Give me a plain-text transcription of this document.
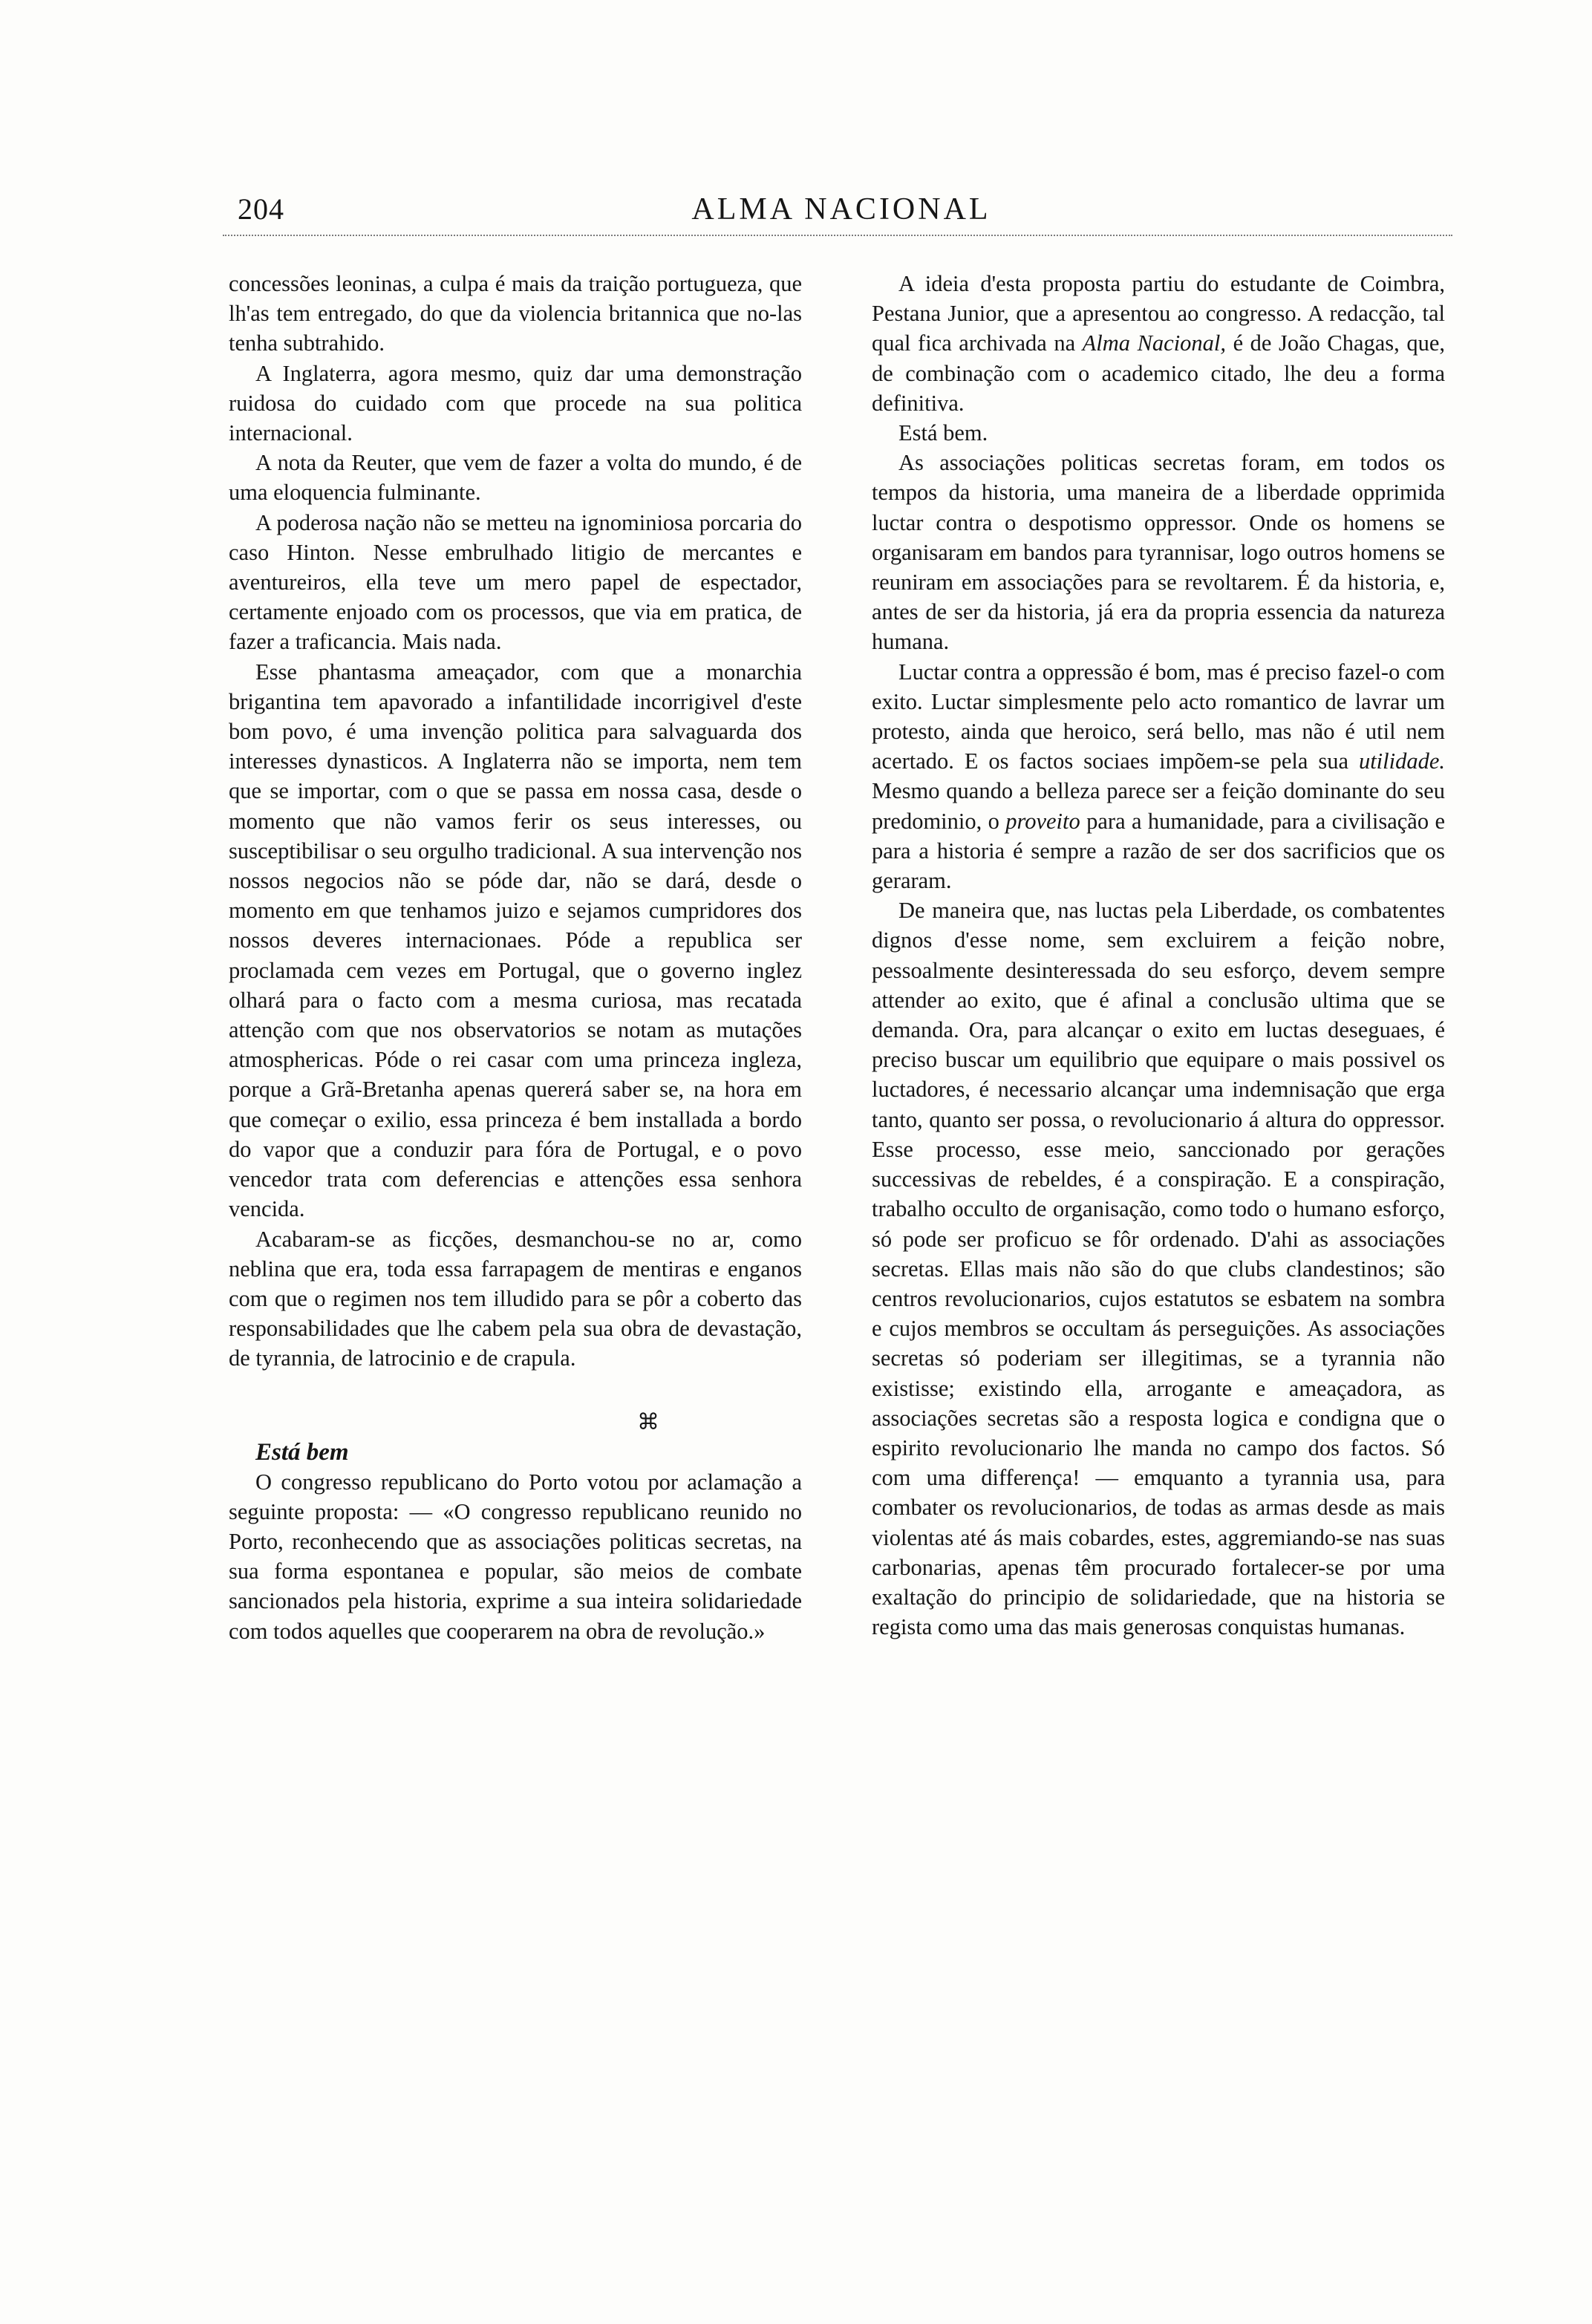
204	ALMA NACIONAL

concessões leoninas, a culpa é mais da traição portugueza, que lh'as tem entregado, do que da violencia britannica que no-las tenha subtrahido.

A Inglaterra, agora mesmo, quiz dar uma demonstração ruidosa do cuidado com que procede na sua politica internacional.

A nota da Reuter, que vem de fazer a volta do mundo, é de uma eloquencia fulminante.

A poderosa nação não se metteu na ignominiosa porcaria do caso Hinton. Nesse embrulhado litigio de mercantes e aventureiros, ella teve um mero papel de espectador, certamente enjoado com os processos, que via em pratica, de fazer a traficancia. Mais nada.

Esse phantasma ameaçador, com que a monarchia brigantina tem apavorado a infantilidade incorrigivel d'este bom povo, é uma invenção politica para salvaguarda dos interesses dynasticos. A Inglaterra não se importa, nem tem que se importar, com o que se passa em nossa casa, desde o momento que não vamos ferir os seus interesses, ou susceptibilisar o seu orgulho tradicional. A sua intervenção nos nossos negocios não se póde dar, não se dará, desde o momento em que tenhamos juizo e sejamos cumpridores dos nossos deveres internacionaes. Póde a republica ser proclamada cem vezes em Portugal, que o governo inglez olhará para o facto com a mesma curiosa, mas recatada attenção com que nos observatorios se notam as mutações atmosphericas. Póde o rei casar com uma princeza ingleza, porque a Grã-Bretanha apenas quererá saber se, na hora em que começar o exilio, essa princeza é bem installada a bordo do vapor que a conduzir para fóra de Portugal, e o povo vencedor trata com deferencias e attenções essa senhora vencida.

Acabaram-se as ficções, desmanchou-se no ar, como neblina que era, toda essa farrapagem de mentiras e enganos com que o regimen nos tem illudido para se pôr a coberto das responsabilidades que lhe cabem pela sua obra de devastação, de tyrannia, de latrocinio e de crapula.

⌘

Está bem

O congresso republicano do Porto votou por aclamação a seguinte proposta: — «O congresso republicano reunido no Porto, reconhecendo que as associações politicas secretas, na sua forma espontanea e popular, são meios de combate sancionados pela historia, exprime a sua inteira solidariedade com todos aquelles que cooperarem na obra de revolução.»

A ideia d'esta proposta partiu do estudante de Coimbra, Pestana Junior, que a apresentou ao congresso. A redacção, tal qual fica archivada na Alma Nacional, é de João Chagas, que, de combinação com o academico citado, lhe deu a forma definitiva.

Está bem.

As associações politicas secretas foram, em todos os tempos da historia, uma maneira de a liberdade opprimida luctar contra o despotismo oppressor. Onde os homens se organisaram em bandos para tyrannisar, logo outros homens se reuniram em associações para se revoltarem. É da historia, e, antes de ser da historia, já era da propria essencia da natureza humana.

Luctar contra a oppressão é bom, mas é preciso fazel-o com exito. Luctar simplesmente pelo acto romantico de lavrar um protesto, ainda que heroico, será bello, mas não é util nem acertado. E os factos sociaes impõem-se pela sua utilidade. Mesmo quando a belleza parece ser a feição dominante do seu predominio, o proveito para a humanidade, para a civilisação e para a historia é sempre a razão de ser dos sacrificios que os geraram.

De maneira que, nas luctas pela Liberdade, os combatentes dignos d'esse nome, sem excluirem a feição nobre, pessoalmente desinteressada do seu esforço, devem sempre attender ao exito, que é afinal a conclusão ultima que se demanda. Ora, para alcançar o exito em luctas deseguaes, é preciso buscar um equilibrio que equipare o mais possivel os luctadores, é necessario alcançar uma indemnisação que erga tanto, quanto ser possa, o revolucionario á altura do oppressor. Esse processo, esse meio, sanccionado por gerações successivas de rebeldes, é a conspiração. E a conspiração, trabalho occulto de organisação, como todo o humano esforço, só pode ser proficuo se fôr ordenado. D'ahi as associações secretas. Ellas mais não são do que clubs clandestinos; são centros revolucionarios, cujos estatutos se esbatem na sombra e cujos membros se occultam ás perseguições. As associações secretas só poderiam ser illegitimas, se a tyrannia não existisse; existindo ella, arrogante e ameaçadora, as associações secretas são a resposta logica e condigna que o espirito revolucionario lhe manda no campo dos factos. Só com uma differença! — emquanto a tyrannia usa, para combater os revolucionarios, de todas as armas desde as mais violentas até ás mais cobardes, estes, aggremiando-se nas suas carbonarias, apenas têm procurado fortalecer-se por uma exaltação do principio de solidariedade, que na historia se regista como uma das mais generosas conquistas humanas.
